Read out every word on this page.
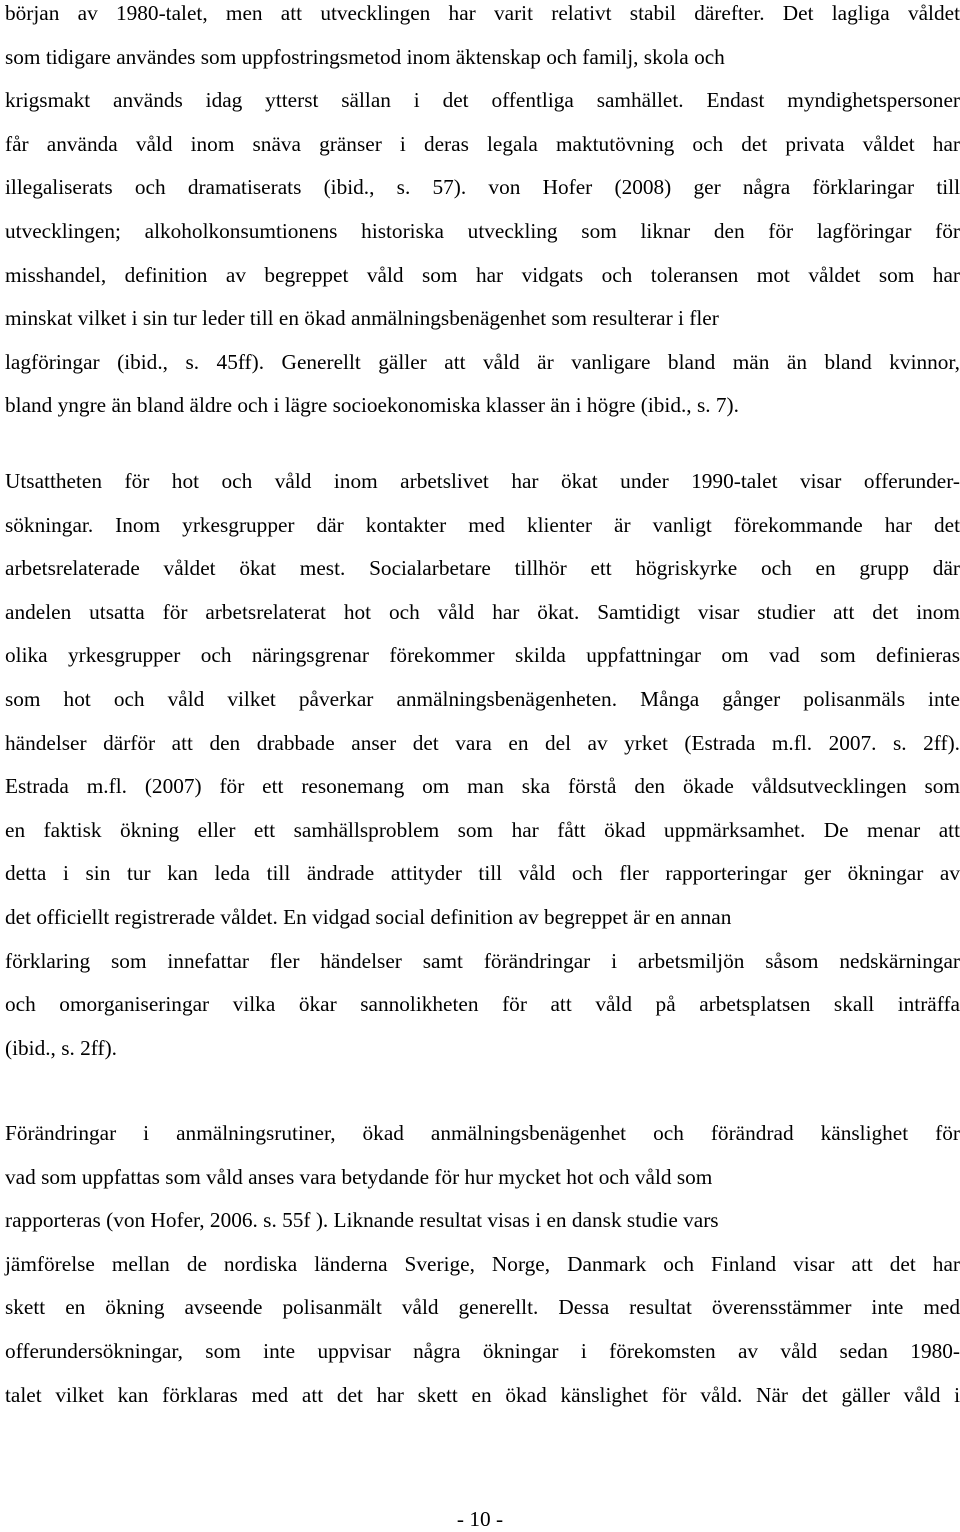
början av 1980-talet, men att utvecklingen har varit relativt stabil därefter. Det lagliga våldet
som tidigare användes som uppfostringsmetod inom äktenskap och familj, skola och
krigsmakt används idag ytterst sällan i det offentliga samhället. Endast myndighetspersoner
får använda våld inom snäva gränser i deras legala maktutövning och det privata våldet har
illegaliserats och dramatiserats (ibid., s. 57). von Hofer (2008) ger några förklaringar till
utvecklingen; alkoholkonsumtionens historiska utveckling som liknar den för lagföringar för
misshandel, definition av begreppet våld som har vidgats och toleransen mot våldet som har
minskat vilket i sin tur leder till en ökad anmälningsbenägenhet som resulterar i fler
lagföringar (ibid., s. 45ff). Generellt gäller att våld är vanligare bland män än bland kvinnor,
bland yngre än bland äldre och i lägre socioekonomiska klasser än i högre (ibid., s. 7).
Utsattheten för hot och våld inom arbetslivet har ökat under 1990-talet visar offerunder-
sökningar. Inom yrkesgrupper där kontakter med klienter är vanligt förekommande har det
arbetsrelaterade våldet ökat mest. Socialarbetare tillhör ett högriskyrke och en grupp där
andelen utsatta för arbetsrelaterat hot och våld har ökat. Samtidigt visar studier att det inom
olika yrkesgrupper och näringsgrenar förekommer skilda uppfattningar om vad som definieras
som hot och våld vilket påverkar anmälningsbenägenheten. Många gånger polisanmäls inte
händelser därför att den drabbade anser det vara en del av yrket (Estrada m.fl. 2007. s. 2ff).
Estrada m.fl. (2007) för ett resonemang om man ska förstå den ökade våldsutvecklingen som
en faktisk ökning eller ett samhällsproblem som har fått ökad uppmärksamhet. De menar att
detta i sin tur kan leda till ändrade attityder till våld och fler rapporteringar ger ökningar av
det officiellt registrerade våldet. En vidgad social definition av begreppet är en annan
förklaring som innefattar fler händelser samt förändringar i arbetsmiljön såsom nedskärningar
och omorganiseringar vilka ökar sannolikheten för att våld på arbetsplatsen skall inträffa
(ibid., s. 2ff).
Förändringar i anmälningsrutiner, ökad anmälningsbenägenhet och förändrad känslighet för
vad som uppfattas som våld anses vara betydande för hur mycket hot och våld som
rapporteras (von Hofer, 2006. s. 55f ). Liknande resultat visas i en dansk studie vars
jämförelse mellan de nordiska länderna Sverige, Norge, Danmark och Finland visar att det har
skett en ökning avseende polisanmält våld generellt. Dessa resultat överensstämmer inte med
offerundersökningar, som inte uppvisar några ökningar i förekomsten av våld sedan 1980-
talet vilket kan förklaras med att det har skett en ökad känslighet för våld. När det gäller våld i
- 10 -
